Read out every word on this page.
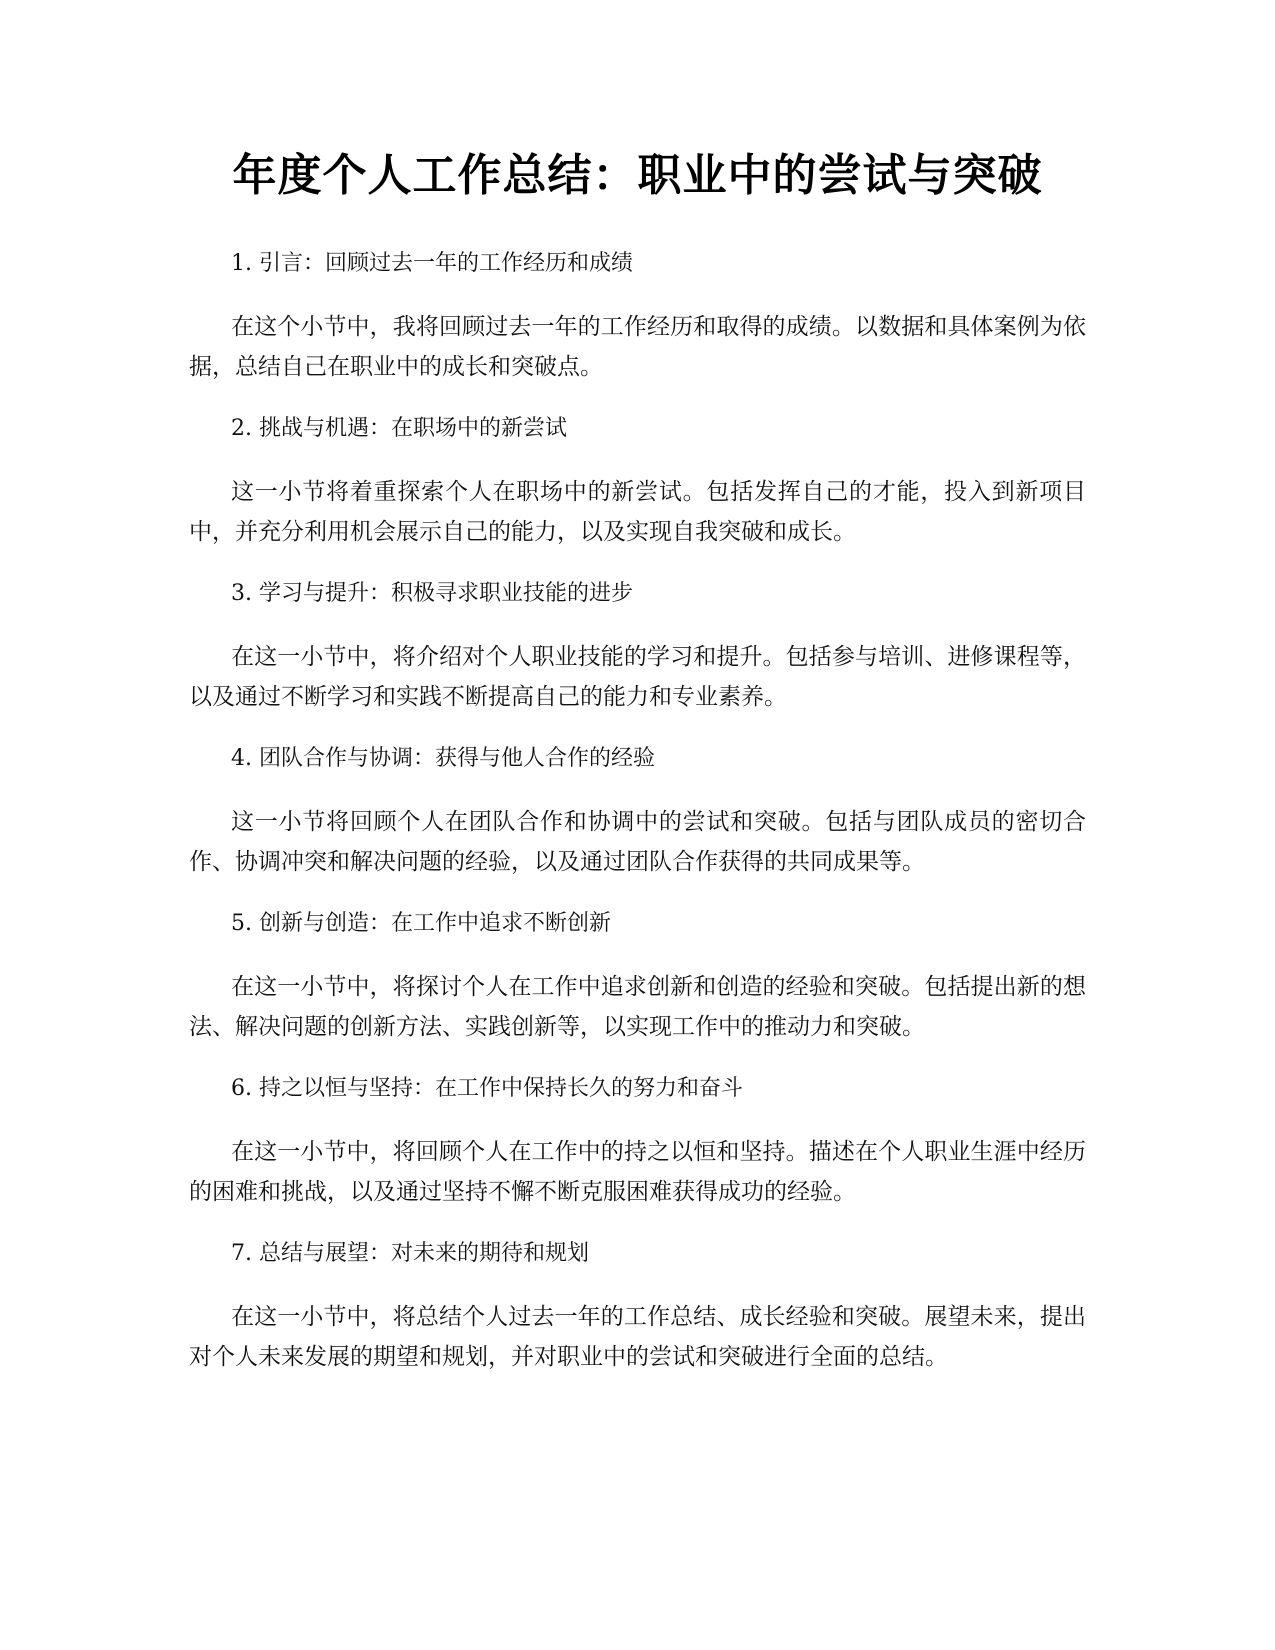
年度个人工作总结：职业中的尝试与突破

1. 引言：回顾过去一年的工作经历和成绩

在这个小节中，我将回顾过去一年的工作经历和取得的成绩。以数据和具体案例为依据，总结自己在职业中的成长和突破点。

2. 挑战与机遇：在职场中的新尝试

这一小节将着重探索个人在职场中的新尝试。包括发挥自己的才能，投入到新项目中，并充分利用机会展示自己的能力，以及实现自我突破和成长。

3. 学习与提升：积极寻求职业技能的进步

在这一小节中，将介绍对个人职业技能的学习和提升。包括参与培训、进修课程等，以及通过不断学习和实践不断提高自己的能力和专业素养。

4. 团队合作与协调：获得与他人合作的经验

这一小节将回顾个人在团队合作和协调中的尝试和突破。包括与团队成员的密切合作、协调冲突和解决问题的经验，以及通过团队合作获得的共同成果等。

5. 创新与创造：在工作中追求不断创新

在这一小节中，将探讨个人在工作中追求创新和创造的经验和突破。包括提出新的想法、解决问题的创新方法、实践创新等，以实现工作中的推动力和突破。

6. 持之以恒与坚持：在工作中保持长久的努力和奋斗

在这一小节中，将回顾个人在工作中的持之以恒和坚持。描述在个人职业生涯中经历的困难和挑战，以及通过坚持不懈不断克服困难获得成功的经验。

7. 总结与展望：对未来的期待和规划

在这一小节中，将总结个人过去一年的工作总结、成长经验和突破。展望未来，提出对个人未来发展的期望和规划，并对职业中的尝试和突破进行全面的总结。
